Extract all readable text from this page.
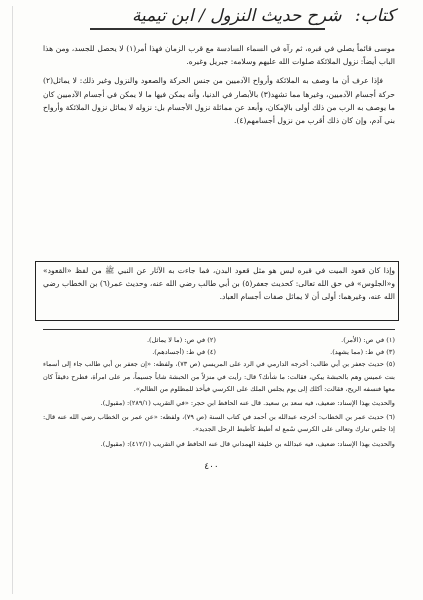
كتاب: شرح حديث النزول / ابن تيمية

موسى قائماً يصلي في قبره، ثم رآه في السماء السادسة مع قرب الزمان فهذا أمر(١) لا يحصل للجسد، ومن هذا الباب أيضاً: نزول الملائكة صلوات الله عليهم وسلامه: جبريل وغيره.

فإذا عرف أن ما وصف به الملائكة وأرواح الآدميين من جنس الحركة والصعود والنزول وغير ذلك: لا يماثل(٢) حركة أجسام الآدميين، وغيرها مما تشهد(٣) بالأبصار في الدنيا، وأنه يمكن فيها ما لا يمكن في أجسام الآدميين كان ما يوصف به الرب من ذلك أولى بالإمكان، وأبعد عن مماثلة نزول الأجسام بل: نزوله لا يماثل نزول الملائكة وأرواح بني آدم، وإن كان ذلك أقرب من نزول أجسامهم(٤).

وإذا كان قعود الميت في قبره ليس هو مثل قعود البدن، فما جاءت به الآثار عن النبي ﷺ من لفظ «القعود» و«الجلوس» في حق الله تعالى: كحديث جعفر(٥) بن أبي طالب رضي الله عنه، وحديث عمر(٦) بن الخطاب رضي الله عنه، وغيرهما: أولى أن لا يماثل صفات أجسام العباد.
(١) في ص: (الأمر).
(٢) في ص: (ما لا يماثل).
(٣) في ط: (مما يشهد).
(٤) في ط: (أجسادهم).

(٥) حديث جعفر بن أبي طالب: أخرجه الدارمي في الرد على المريسي (ص ٧٣)، ولفظه: «إن جعفر بن أبي طالب جاء إلى أسماء بنت عميس وهم بالحبشة يبكي، فقالت: ما شأنك؟ قال: رأيت في منزلاً من الحبشة شاباً جسيماً، مر على امرأة، فطرح دقيقاً كان معها فنسفه الريح، فقالت: أكلك إلى يوم يجلس الملك على الكرسي فيأخذ للمظلوم من الظالم».

والحديث بهذا الإسناد: ضعيف، فيه سعد بن سعيد. قال عنه الحافظ ابن حجر: «في التقريب (٢٨٩/١): (مقبول).

(٦) حديث عمر بن الخطاب: أخرجه عبدالله بن أحمد في كتاب السنة (ص ٧٩)، ولفظه: «عن عمر بن الخطاب رضي الله عنه قال: إذا جلس تبارك وتعالى على الكرسي سُمع له أطيط كأطيط الرحل الجديد».

والحديث بهذا الإسناد: ضعيف، فيه عبدالله بن خليفة الهمداني قال عنه الحافظ في التقريب (٤١٢/١): (مقبول).

٤٠٠
